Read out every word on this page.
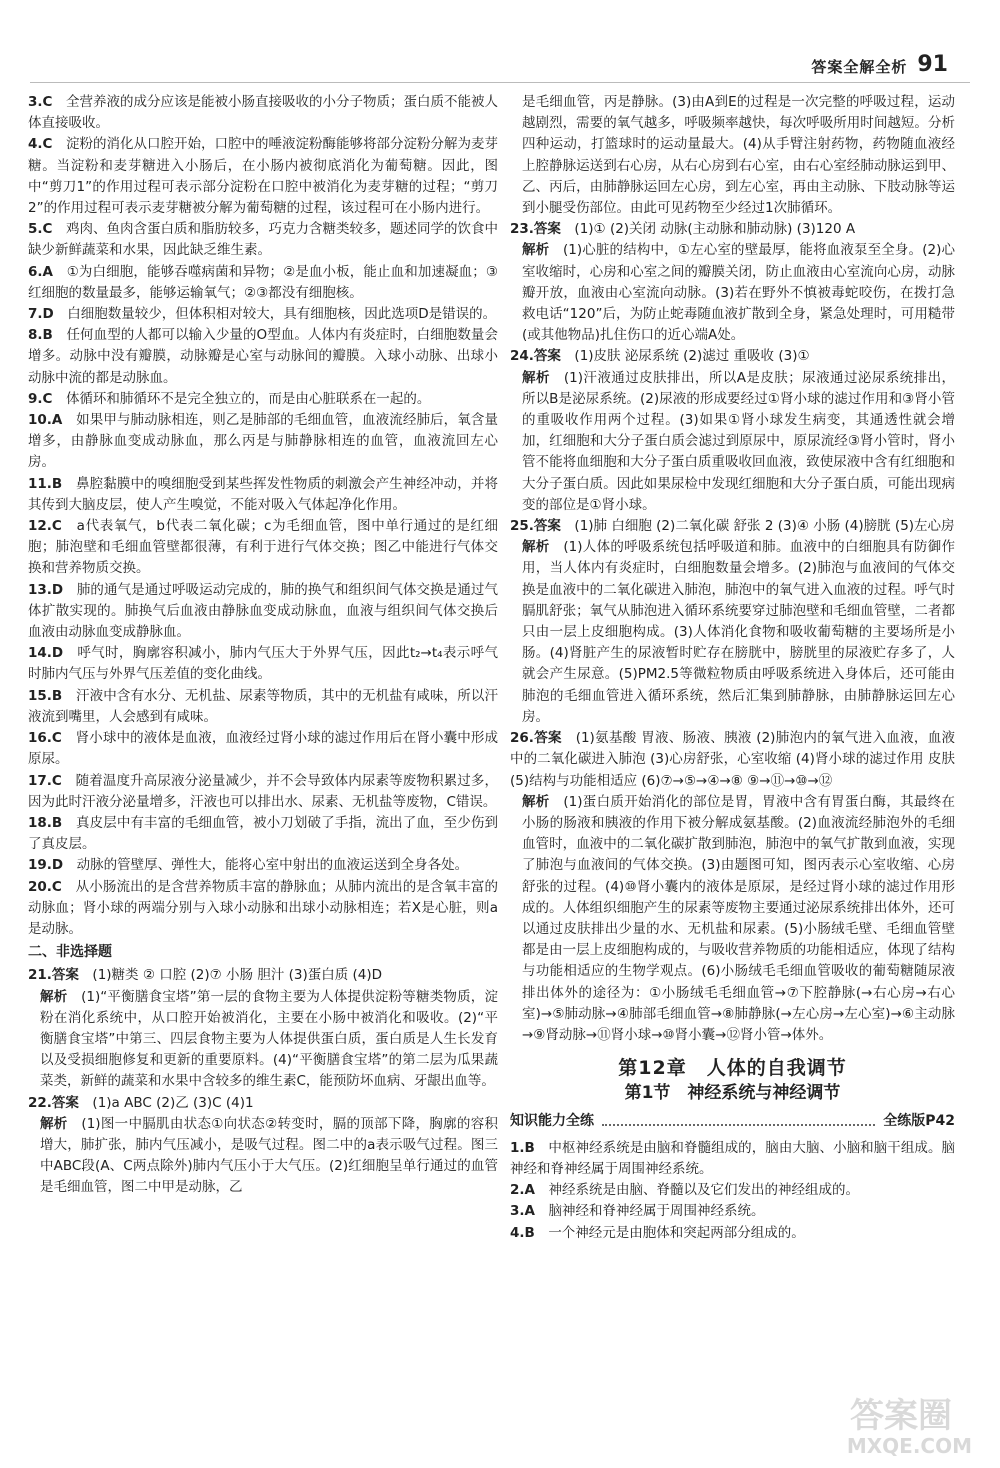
答案全解全析 91

3.C　 全营养液的成分应该是能被小肠直接吸收的小分子物质；蛋白质不能被人体直接吸收。

4.C　 淀粉的消化从口腔开始，口腔中的唾液淀粉酶能够将部分淀粉分解为麦芽糖。当淀粉和麦芽糖进入小肠后，在小肠内被彻底消化为葡萄糖。因此，图中“剪刀1”的作用过程可表示部分淀粉在口腔中被消化为麦芽糖的过程；“剪刀2”的作用过程可表示麦芽糖被分解为葡萄糖的过程，该过程可在小肠内进行。

5.C　 鸡肉、鱼肉含蛋白质和脂肪较多，巧克力含糖类较多，题述同学的饮食中缺少新鲜蔬菜和水果，因此缺乏维生素。

6.A　 ①为白细胞，能够吞噬病菌和异物；②是血小板，能止血和加速凝血；③红细胞的数量最多，能够运输氧气；②③都没有细胞核。

7.D　 白细胞数量较少，但体积相对较大，具有细胞核，因此选项D是错误的。

8.B　 任何血型的人都可以输入少量的O型血。人体内有炎症时，白细胞数量会增多。动脉中没有瓣膜，动脉瓣是心室与动脉间的瓣膜。入球小动脉、出球小动脉中流的都是动脉血。

9.C　 体循环和肺循环不是完全独立的，而是由心脏联系在一起的。

10.A　 如果甲与肺动脉相连，则乙是肺部的毛细血管，血液流经肺后，氧含量增多，由静脉血变成动脉血，那么丙是与肺静脉相连的血管，血液流回左心房。

11.B　 鼻腔黏膜中的嗅细胞受到某些挥发性物质的刺激会产生神经冲动，并将其传到大脑皮层，使人产生嗅觉，不能对吸入气体起净化作用。

12.C　 a代表氧气，b代表二氧化碳；c为毛细血管，图中单行通过的是红细胞；肺泡壁和毛细血管壁都很薄，有利于进行气体交换；图乙中能进行气体交换和营养物质交换。

13.D　 肺的通气是通过呼吸运动完成的，肺的换气和组织间气体交换是通过气体扩散实现的。肺换气后血液由静脉血变成动脉血，血液与组织间气体交换后血液由动脉血变成静脉血。

14.D　 呼气时，胸廓容积减小，肺内气压大于外界气压，因此t₂→t₄表示呼气时肺内气压与外界气压差值的变化曲线。

15.B　 汗液中含有水分、无机盐、尿素等物质，其中的无机盐有咸味，所以汗液流到嘴里，人会感到有咸味。

16.C　 肾小球中的液体是血液，血液经过肾小球的滤过作用后在肾小囊中形成原尿。

17.C　 随着温度升高尿液分泌量减少，并不会导致体内尿素等废物积累过多，因为此时汗液分泌量增多，汗液也可以排出水、尿素、无机盐等废物，C错误。

18.B　 真皮层中有丰富的毛细血管，被小刀划破了手指，流出了血，至少伤到了真皮层。

19.D　 动脉的管壁厚、弹性大，能将心室中射出的血液运送到全身各处。

20.C　 从小肠流出的是含营养物质丰富的静脉血；从肺内流出的是含氧丰富的动脉血；肾小球的两端分别与入球小动脉和出球小动脉相连；若X是心脏，则a是动脉。

二、非选择题

21.答案　 (1)糖类 ② 口腔 (2)⑦ 小肠 胆汁 (3)蛋白质 (4)D

解析　 (1)“平衡膳食宝塔”第一层的食物主要为人体提供淀粉等糖类物质，淀粉在消化系统中，从口腔开始被消化，主要在小肠中被消化和吸收。(2)“平衡膳食宝塔”中第三、四层食物主要为人体提供蛋白质，蛋白质是人生长发育以及受损细胞修复和更新的重要原料。(4)“平衡膳食宝塔”的第二层为瓜果蔬菜类，新鲜的蔬菜和水果中含较多的维生素C，能预防坏血病、牙龈出血等。

22.答案　 (1)a ABC (2)乙 (3)C (4)1

解析　 (1)图一中膈肌由状态①向状态②转变时，膈的顶部下降，胸廓的容积增大，肺扩张，肺内气压减小，是吸气过程。图二中的a表示吸气过程。图三中ABC段(A、C两点除外)肺内气压小于大气压。(2)红细胞呈单行通过的血管是毛细血管，图二中甲是动脉，乙

是毛细血管，丙是静脉。(3)由A到E的过程是一次完整的呼吸过程，运动越剧烈，需要的氧气越多，呼吸频率越快，每次呼吸所用时间越短。分析四种运动，打篮球时的运动量最大。(4)从手臂注射药物，药物随血液经上腔静脉运送到右心房，从右心房到右心室，由右心室经肺动脉运到甲、乙、丙后，由肺静脉运回左心房，到左心室，再由主动脉、下肢动脉等运到小腿受伤部位。由此可见药物至少经过1次肺循环。

23.答案　 (1)① (2)关闭 动脉(主动脉和肺动脉) (3)120 A

解析　 (1)心脏的结构中，①左心室的壁最厚，能将血液泵至全身。(2)心室收缩时，心房和心室之间的瓣膜关闭，防止血液由心室流向心房，动脉瓣开放，血液由心室流向动脉。(3)若在野外不慎被毒蛇咬伤，在拨打急救电话“120”后，为防止蛇毒随血液扩散到全身，紧急处理时，可用糙带(或其他物品)扎住伤口的近心端A处。

24.答案　 (1)皮肤 泌尿系统 (2)滤过 重吸收 (3)①

解析　 (1)汗液通过皮肤排出，所以A是皮肤；尿液通过泌尿系统排出，所以B是泌尿系统。(2)尿液的形成要经过①肾小球的滤过作用和③肾小管的重吸收作用两个过程。(3)如果①肾小球发生病变，其通透性就会增加，红细胞和大分子蛋白质会滤过到原尿中，原尿流经③肾小管时，肾小管不能将血细胞和大分子蛋白质重吸收回血液，致使尿液中含有红细胞和大分子蛋白质。因此如果尿检中发现红细胞和大分子蛋白质，可能出现病变的部位是①肾小球。

25.答案　 (1)肺 白细胞 (2)二氧化碳 舒张 2 (3)④ 小肠 (4)膀胱 (5)左心房

解析　 (1)人体的呼吸系统包括呼吸道和肺。血液中的白细胞具有防御作用，当人体内有炎症时，白细胞数量会增多。(2)肺泡与血液间的气体交换是血液中的二氧化碳进入肺泡，肺泡中的氧气进入血液的过程。呼气时膈肌舒张；氧气从肺泡进入循环系统要穿过肺泡壁和毛细血管壁，二者都只由一层上皮细胞构成。(3)人体消化食物和吸收葡萄糖的主要场所是小肠。(4)肾脏产生的尿液暂时贮存在膀胱中，膀胱里的尿液贮存多了，人就会产生尿意。(5)PM2.5等微粒物质由呼吸系统进入身体后，还可能由肺泡的毛细血管进入循环系统，然后汇集到肺静脉，由肺静脉运回左心房。

26.答案　 (1)氨基酸 胃液、肠液、胰液 (2)肺泡内的氧气进入血液，血液中的二氧化碳进入肺泡 (3)心房舒张，心室收缩 (4)肾小球的滤过作用 皮肤 (5)结构与功能相适应 (6)⑦→⑤→④→⑧ ⑨→⑪→⑩→⑫

解析　 (1)蛋白质开始消化的部位是胃，胃液中含有胃蛋白酶，其最终在小肠的肠液和胰液的作用下被分解成氨基酸。(2)血液流经肺泡外的毛细血管时，血液中的二氧化碳扩散到肺泡，肺泡中的氧气扩散到血液，实现了肺泡与血液间的气体交换。(3)由题图可知，图丙表示心室收缩、心房舒张的过程。(4)⑩肾小囊内的液体是原尿，是经过肾小球的滤过作用形成的。人体组织细胞产生的尿素等废物主要通过泌尿系统排出体外，还可以通过皮肤排出少量的水、无机盐和尿素。(5)小肠绒毛壁、毛细血管壁都是由一层上皮细胞构成的，与吸收营养物质的功能相适应，体现了结构与功能相适应的生物学观点。(6)小肠绒毛毛细血管吸收的葡萄糖随尿液排出体外的途径为：①小肠绒毛毛细血管→⑦下腔静脉(→右心房→右心室)→⑤肺动脉→④肺部毛细血管→⑧肺静脉(→左心房→左心室)→⑥主动脉→⑨肾动脉→⑪肾小球→⑩肾小囊→⑫肾小管→体外。

第12章　人体的自我调节
第1节　神经系统与神经调节
知识能力全练	全练版P42

1.B　 中枢神经系统是由脑和脊髓组成的，脑由大脑、小脑和脑干组成。脑神经和脊神经属于周围神经系统。

2.A　 神经系统是由脑、脊髓以及它们发出的神经组成的。

3.A　 脑神经和脊神经属于周围神经系统。

4.B　 一个神经元是由胞体和突起两部分组成的。

答案圈
MXQE.COM
